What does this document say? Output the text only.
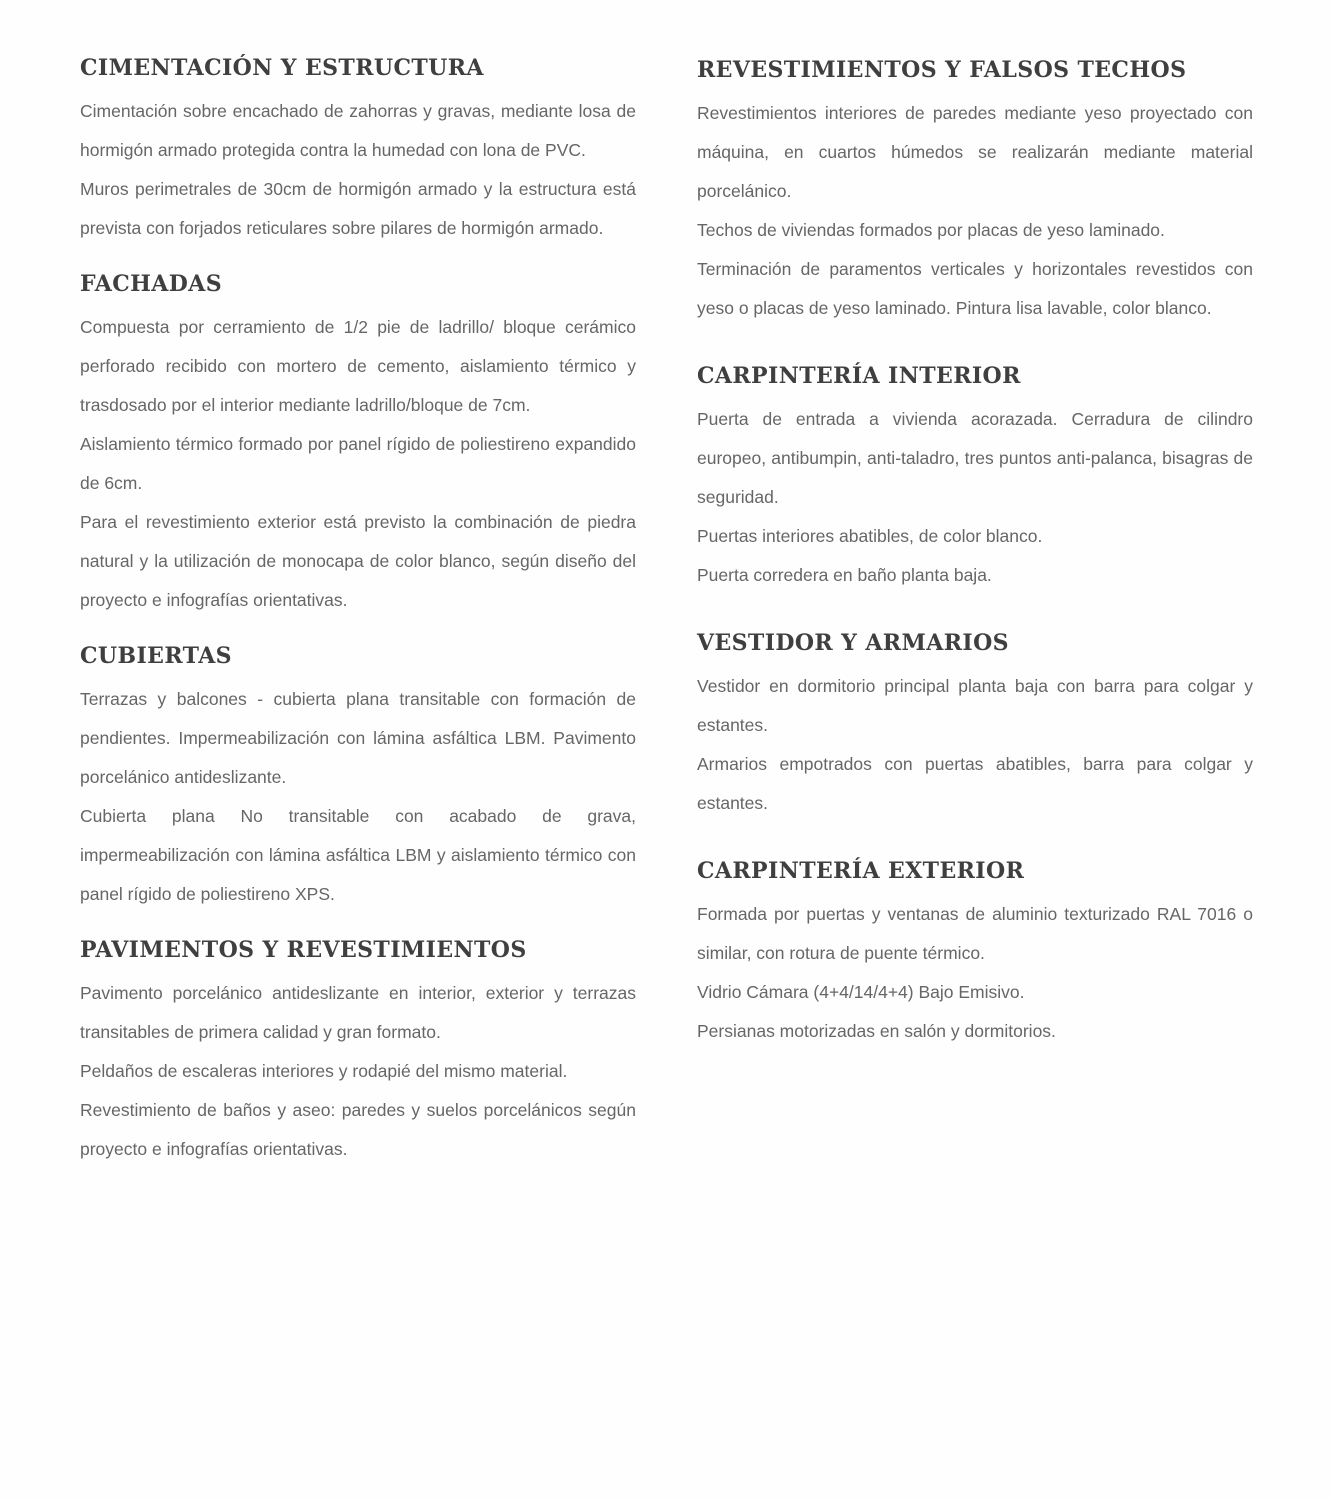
CIMENTACIÓN Y ESTRUCTURA

Cimentación sobre encachado de zahorras y gravas, mediante losa de hormigón armado protegida contra la humedad con lona de PVC.

Muros perimetrales de 30cm de hormigón armado y la estructura está prevista con forjados reticulares sobre pilares de hormigón armado.

FACHADAS

Compuesta por cerramiento de 1/2 pie de ladrillo/ bloque cerámico perforado recibido con mortero de cemento, aislamiento térmico y trasdosado por el interior mediante ladrillo/bloque de 7cm.

Aislamiento térmico formado por panel rígido de poliestireno expandido de 6cm.

Para el revestimiento exterior está previsto la combinación de piedra natural y la utilización de monocapa de color blanco, según diseño del proyecto e infografías orientativas.

CUBIERTAS

Terrazas y balcones - cubierta plana transitable con formación de pendientes. Impermeabilización con lámina asfáltica LBM. Pavimento porcelánico antideslizante.

Cubierta plana No transitable con acabado de grava, impermeabilización con lámina asfáltica LBM y aislamiento térmico con panel rígido de poliestireno XPS.

PAVIMENTOS Y REVESTIMIENTOS

Pavimento porcelánico antideslizante en interior, exterior y terrazas transitables de primera calidad y gran formato.

Peldaños de escaleras interiores y rodapié del mismo material.

Revestimiento de baños y aseo: paredes y suelos porcelánicos según proyecto e infografías orientativas.

REVESTIMIENTOS Y FALSOS TECHOS

Revestimientos interiores de paredes mediante yeso proyectado con máquina, en cuartos húmedos se realizarán mediante material porcelánico.

Techos de viviendas formados por placas de yeso laminado.

Terminación de paramentos verticales y horizontales revestidos con yeso o placas de yeso laminado. Pintura lisa lavable, color blanco.

CARPINTERÍA INTERIOR

Puerta de entrada a vivienda acorazada. Cerradura de cilindro europeo, antibumpin, anti-taladro, tres puntos anti-palanca, bisagras de seguridad.

Puertas interiores abatibles, de color blanco.

Puerta corredera en baño planta baja.

VESTIDOR Y ARMARIOS

Vestidor en dormitorio principal planta baja con barra para colgar y estantes.

Armarios empotrados con puertas abatibles, barra para colgar y estantes.

CARPINTERÍA EXTERIOR

Formada por puertas y ventanas de aluminio texturizado RAL 7016 o similar, con rotura de puente térmico.

Vidrio Cámara (4+4/14/4+4) Bajo Emisivo.

Persianas motorizadas en salón y dormitorios.
